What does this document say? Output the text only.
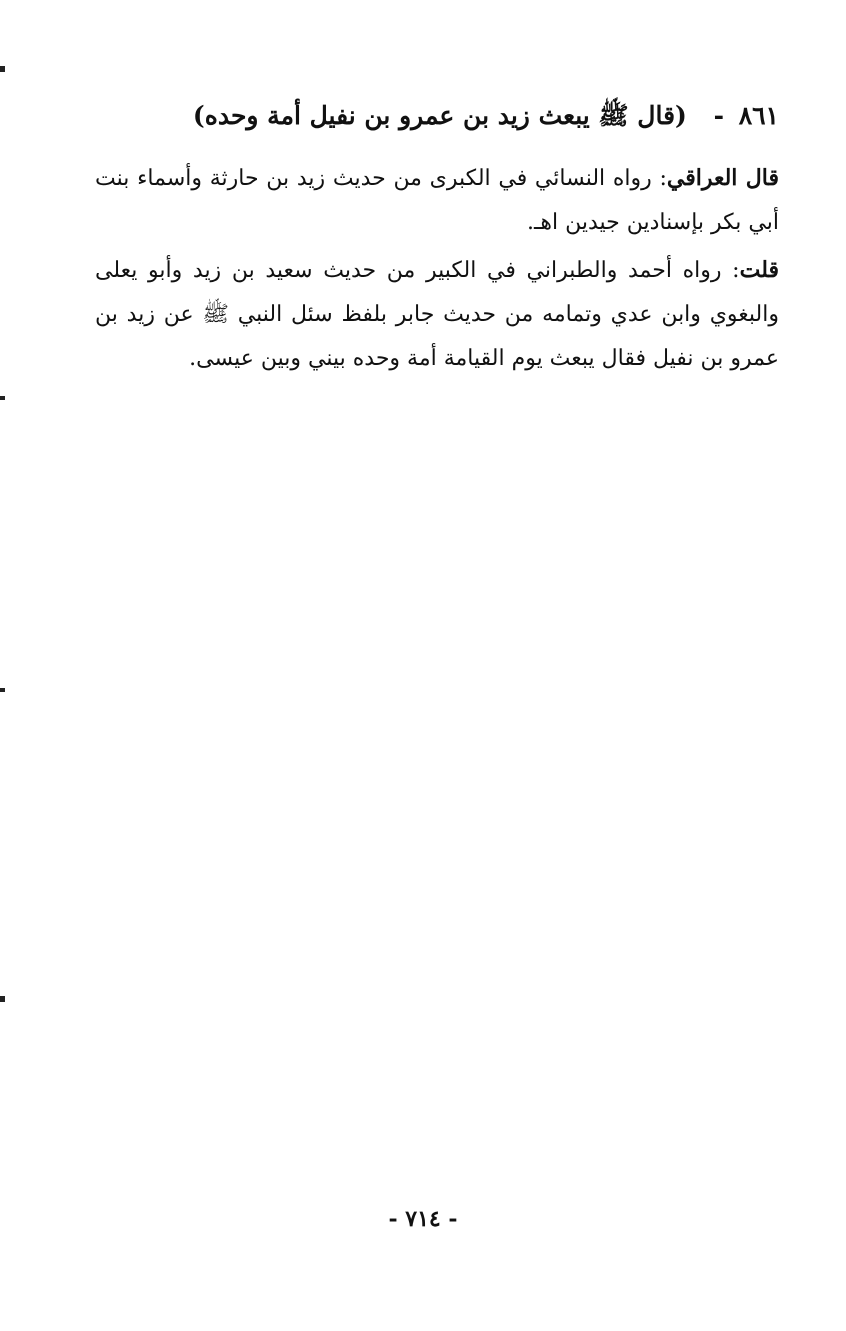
٨٦١ - (قال ﷺ يبعث زيد بن عمرو بن نفيل أمة وحده)
قال العراقي: رواه النسائي في الكبرى من حديث زيد بن حارثة وأسماء بنت أبي بكر بإسنادين جيدين اهـ.
قلت: رواه أحمد والطبراني في الكبير من حديث سعيد بن زيد وأبو يعلى والبغوي وابن عدي وتمامه من حديث جابر بلفظ سئل النبي ﷺ عن زيد بن عمرو بن نفيل فقال يبعث يوم القيامة أمة وحده بيني وبين عيسى.
- ٧١٤ -
